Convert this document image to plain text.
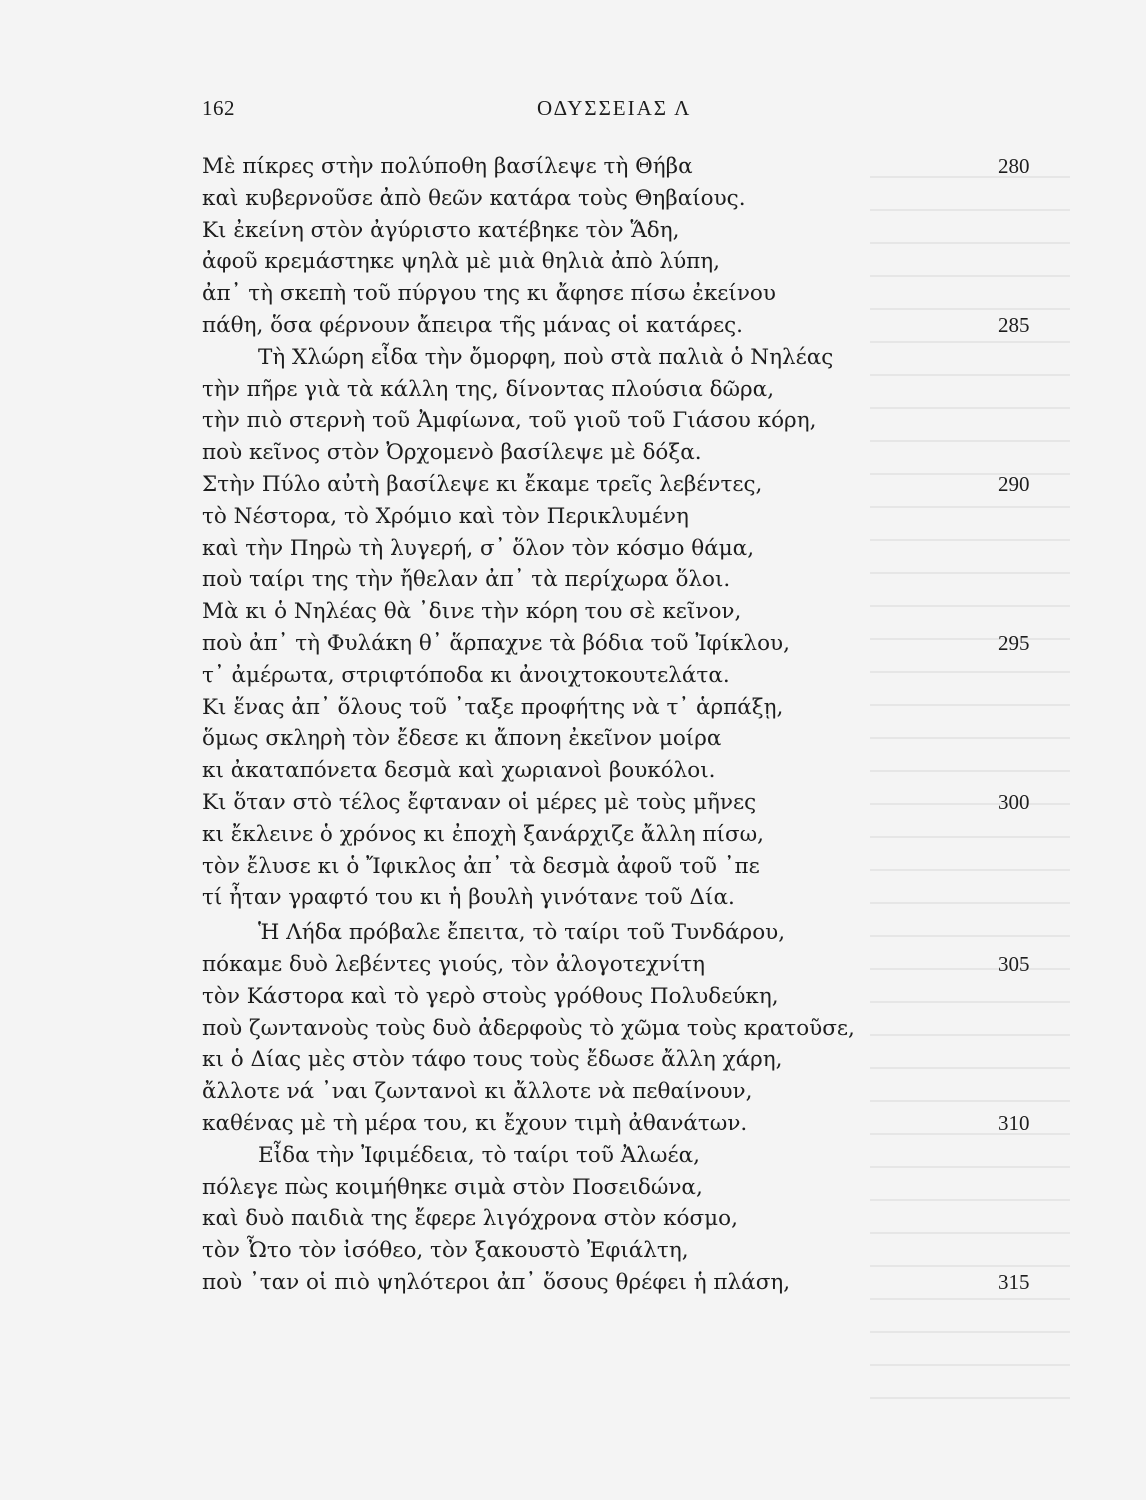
162	ΟΔΥΣΣΕΙΑΣ Λ
Μὲ πίκρες στὴν πολύποθη βασίλεψε τὴ Θήβα	280
καὶ κυβερνοῦσε ἀπὸ θεῶν κατάρα τοὺς Θηβαίους.
Κι ἐκείνη στὸν ἀγύριστο κατέβηκε τὸν Ἅδη,
ἀφοῦ κρεμάστηκε ψηλὰ μὲ μιὰ θηλιὰ ἀπὸ λύπη,
ἀπ᾽ τὴ σκεπὴ τοῦ πύργου της κι ἄφησε πίσω ἐκείνου
πάθη, ὅσα φέρνουν ἄπειρα τῆς μάνας οἱ κατάρες.	285
Τὴ Χλώρη εἶδα τὴν ὄμορφη, ποὺ στὰ παλιὰ ὁ Νηλέας
τὴν πῆρε γιὰ τὰ κάλλη της, δίνοντας πλούσια δῶρα,
τὴν πιὸ στερνὴ τοῦ Ἀμφίωνα, τοῦ γιοῦ τοῦ Γιάσου κόρη,
ποὺ κεῖνος στὸν Ὀρχομενὸ βασίλεψε μὲ δόξα.
Στὴν Πύλο αὐτὴ βασίλεψε κι ἔκαμε τρεῖς λεβέντες,	290
τὸ Νέστορα, τὸ Χρόμιο καὶ τὸν Περικλυμένη
καὶ τὴν Πηρὼ τὴ λυγερή, σ᾽ ὅλον τὸν κόσμο θάμα,
ποὺ ταίρι της τὴν ἤθελαν ἀπ᾽ τὰ περίχωρα ὅλοι.
Μὰ κι ὁ Νηλέας θὰ ᾽δινε τὴν κόρη του σὲ κεῖνον,
ποὺ ἀπ᾽ τὴ Φυλάκη θ᾽ ἅρπαχνε τὰ βόδια τοῦ Ἰφίκλου,	295
τ᾽ ἀμέρωτα, στριφτόποδα κι ἀνοιχτοκουτελάτα.
Κι ἕνας ἀπ᾽ ὅλους τοῦ ᾽ταξε προφήτης νὰ τ᾽ ἁρπάξῃ,
ὅμως σκληρὴ τὸν ἔδεσε κι ἄπονη ἐκεῖνον μοίρα
κι ἀκαταπόνετα δεσμὰ καὶ χωριανοὶ βουκόλοι.
Κι ὅταν στὸ τέλος ἔφταναν οἱ μέρες μὲ τοὺς μῆνες	300
κι ἔκλεινε ὁ χρόνος κι ἐποχὴ ξανάρχιζε ἄλλη πίσω,
τὸν ἔλυσε κι ὁ Ἴφικλος ἀπ᾽ τὰ δεσμὰ ἀφοῦ τοῦ ᾽πε
τί ἦταν γραφτό του κι ἡ βουλὴ γινότανε τοῦ Δία.
Ἡ Λήδα πρόβαλε ἔπειτα, τὸ ταίρι τοῦ Τυνδάρου,
πόκαμε δυὸ λεβέντες γιούς, τὸν ἀλογοτεχνίτη	305
τὸν Κάστορα καὶ τὸ γερὸ στοὺς γρόθους Πολυδεύκη,
ποὺ ζωντανοὺς τοὺς δυὸ ἀδερφοὺς τὸ χῶμα τοὺς κρατοῦσε,
κι ὁ Δίας μὲς στὸν τάφο τους τοὺς ἔδωσε ἄλλη χάρη,
ἄλλοτε νά ᾽ναι ζωντανοὶ κι ἄλλοτε νὰ πεθαίνουν,
καθένας μὲ τὴ μέρα του, κι ἔχουν τιμὴ ἀθανάτων.	310
Εἶδα τὴν Ἰφιμέδεια, τὸ ταίρι τοῦ Ἀλωέα,
πόλεγε πὼς κοιμήθηκε σιμὰ στὸν Ποσειδώνα,
καὶ δυὸ παιδιὰ της ἔφερε λιγόχρονα στὸν κόσμο,
τὸν Ὦτο τὸν ἰσόθεο, τὸν ξακουστὸ Ἐφιάλτη,
ποὺ ᾽ταν οἱ πιὸ ψηλότεροι ἀπ᾽ ὅσους θρέφει ἡ πλάση,	315
